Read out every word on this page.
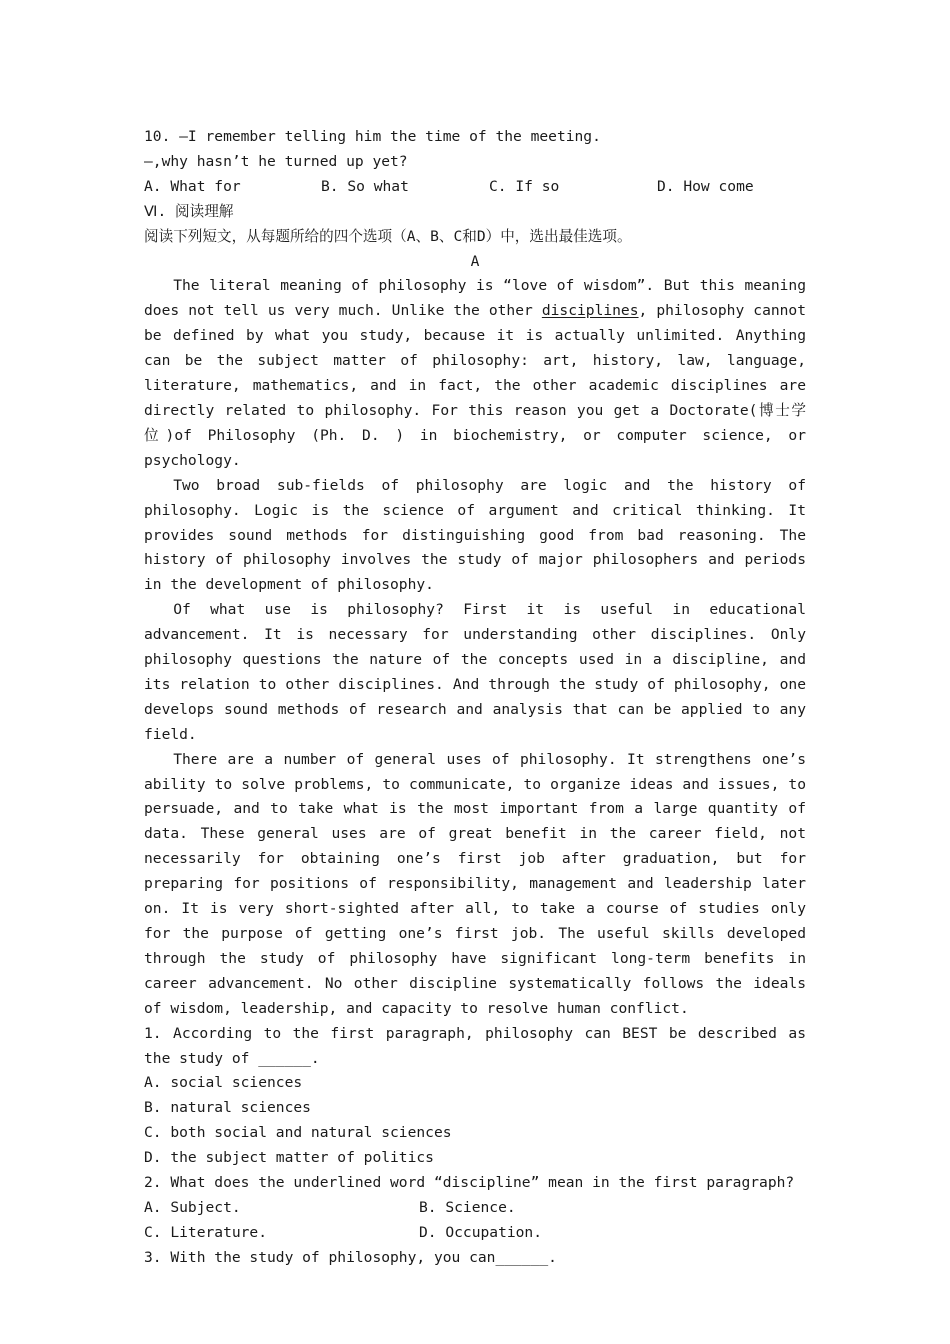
10. —I remember telling him the time of the meeting.
—,why hasn’t he turned up yet?
A. What for	B. So what	C. If so	D. How come
Ⅵ. 阅读理解
阅读下列短文，从每题所给的四个选项（A、B、C和D）中，选出最佳选项。
A
The literal meaning of philosophy is “love of wisdom”. But this meaning does not tell us very much. Unlike the other disciplines, philosophy cannot be defined by what you study, because it is actually unlimited. Anything can be the subject matter of philosophy: art, history, law, language, literature, mathematics, and in fact, the other academic disciplines are directly related to philosophy. For this reason you get a Doctorate(博士学位)of Philosophy (Ph. D. ) in biochemistry, or computer science, or psychology.
Two broad sub-fields of philosophy are logic and the history of philosophy. Logic is the science of argument and critical thinking. It provides sound methods for distinguishing good from bad reasoning. The history of philosophy involves the study of major philosophers and periods in the development of philosophy.
Of what use is philosophy? First it is useful in educational advancement. It is necessary for understanding other disciplines. Only philosophy questions the nature of the concepts used in a discipline, and its relation to other disciplines. And through the study of philosophy, one develops sound methods of research and analysis that can be applied to any field.
There are a number of general uses of philosophy. It strengthens one’s ability to solve problems, to communicate, to organize ideas and issues, to persuade, and to take what is the most important from a large quantity of data. These general uses are of great benefit in the career field, not necessarily for obtaining one’s first job after graduation, but for preparing for positions of responsibility, management and leadership later on. It is very short-sighted after all, to take a course of studies only for the purpose of getting one’s first job. The useful skills developed through the study of philosophy have significant long-term benefits in career advancement. No other discipline systematically follows the ideals of wisdom, leadership, and capacity to resolve human conflict.
1. According to the first paragraph, philosophy can BEST be described as the study of ______.
A. social sciences
B. natural sciences
C. both social and natural sciences
D. the subject matter of politics
2. What does the underlined word “discipline” mean in the first paragraph?
A. Subject.	B. Science.
C. Literature.	D. Occupation.
3. With the study of philosophy, you can______.
